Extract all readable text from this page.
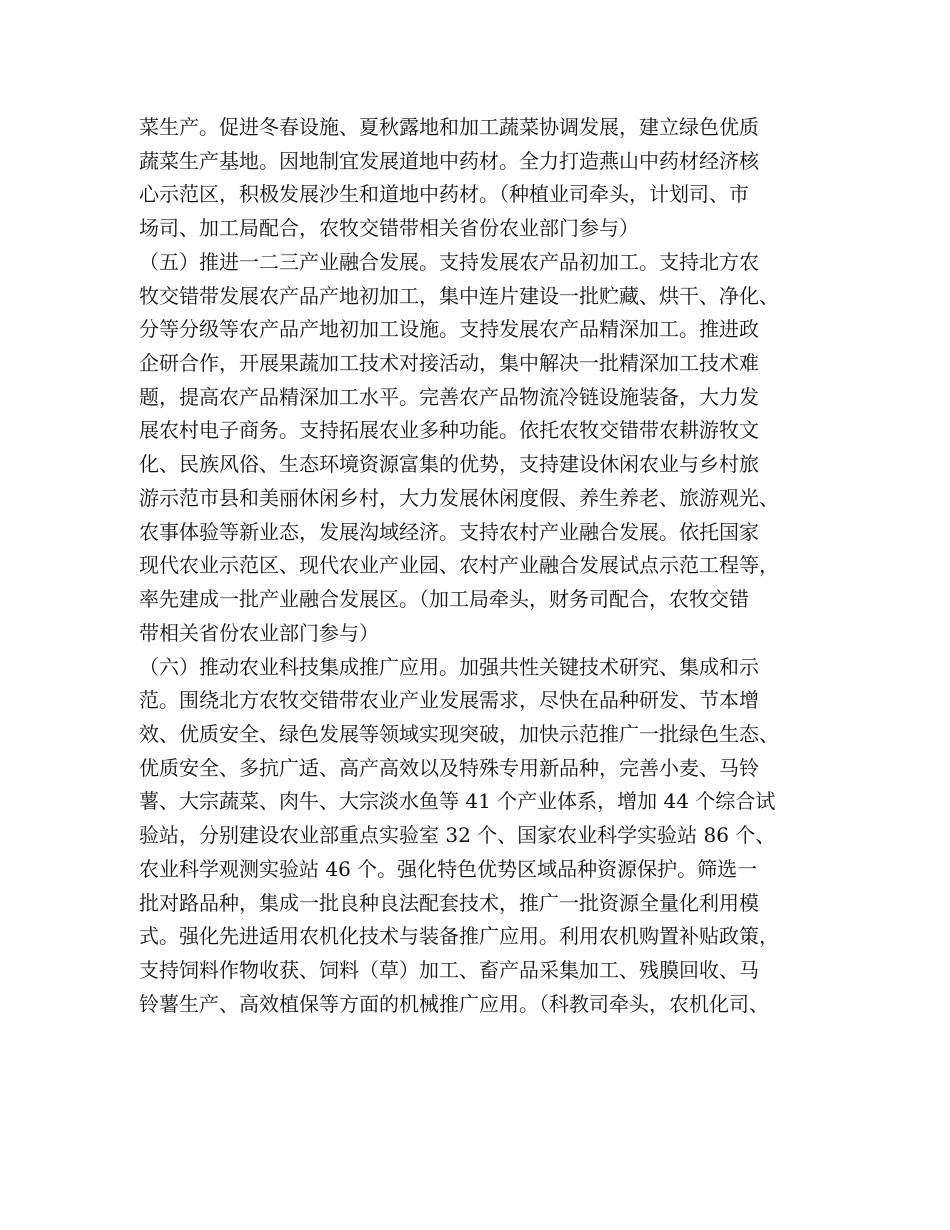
菜生产。促进冬春设施、夏秋露地和加工蔬菜协调发展，建立绿色优质
蔬菜生产基地。因地制宜发展道地中药材。全力打造燕山中药材经济核
心示范区，积极发展沙生和道地中药材。（种植业司牵头，计划司、市
场司、加工局配合，农牧交错带相关省份农业部门参与）
（五）推进一二三产业融合发展。支持发展农产品初加工。支持北方农
牧交错带发展农产品产地初加工，集中连片建设一批贮藏、烘干、净化、
分等分级等农产品产地初加工设施。支持发展农产品精深加工。推进政
企研合作，开展果蔬加工技术对接活动，集中解决一批精深加工技术难
题，提高农产品精深加工水平。完善农产品物流冷链设施装备，大力发
展农村电子商务。支持拓展农业多种功能。依托农牧交错带农耕游牧文
化、民族风俗、生态环境资源富集的优势，支持建设休闲农业与乡村旅
游示范市县和美丽休闲乡村，大力发展休闲度假、养生养老、旅游观光、
农事体验等新业态，发展沟域经济。支持农村产业融合发展。依托国家
现代农业示范区、现代农业产业园、农村产业融合发展试点示范工程等，
率先建成一批产业融合发展区。（加工局牵头，财务司配合，农牧交错
带相关省份农业部门参与）
（六）推动农业科技集成推广应用。加强共性关键技术研究、集成和示
范。围绕北方农牧交错带农业产业发展需求，尽快在品种研发、节本增
效、优质安全、绿色发展等领域实现突破，加快示范推广一批绿色生态、
优质安全、多抗广适、高产高效以及特殊专用新品种，完善小麦、马铃
薯、大宗蔬菜、肉牛、大宗淡水鱼等 41 个产业体系，增加 44 个综合试
验站，分别建设农业部重点实验室 32 个、国家农业科学实验站 86 个、
农业科学观测实验站 46 个。强化特色优势区域品种资源保护。筛选一
批对路品种，集成一批良种良法配套技术，推广一批资源全量化利用模
式。强化先进适用农机化技术与装备推广应用。利用农机购置补贴政策，
支持饲料作物收获、饲料（草）加工、畜产品采集加工、残膜回收、马
铃薯生产、高效植保等方面的机械推广应用。（科教司牵头，农机化司、
